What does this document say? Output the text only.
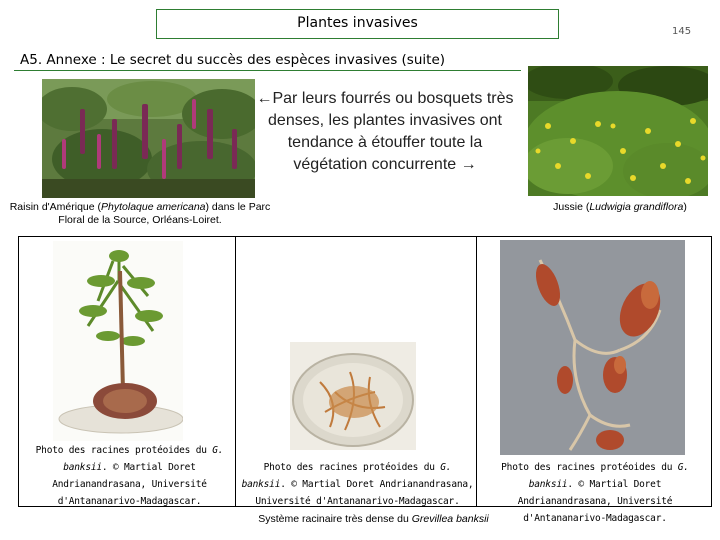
Plantes invasives
145
A5. Annexe : Le secret du succès des espèces invasives (suite)
←Par leurs fourrés ou bosquets très denses, les plantes invasives ont tendance à étouffer toute la végétation concurrente →
Raisin d'Amérique (Phytolaque americana) dans le Parc Floral de la Source, Orléans-Loiret.
Jussie (Ludwigia grandiflora)
Photo des racines protéoides du G. banksii. © Martial Doret Andrianandrasana, Université d'Antananarivo-Madagascar.
Photo des racines protéoides du G. banksii. © Martial Doret Andrianandrasana, Université d'Antananarivo-Madagascar.
Photo des racines protéoides du G. banksii. © Martial Doret Andrianandrasana, Université d'Antananarivo-Madagascar.
Système racinaire très dense du Grevillea banksii
